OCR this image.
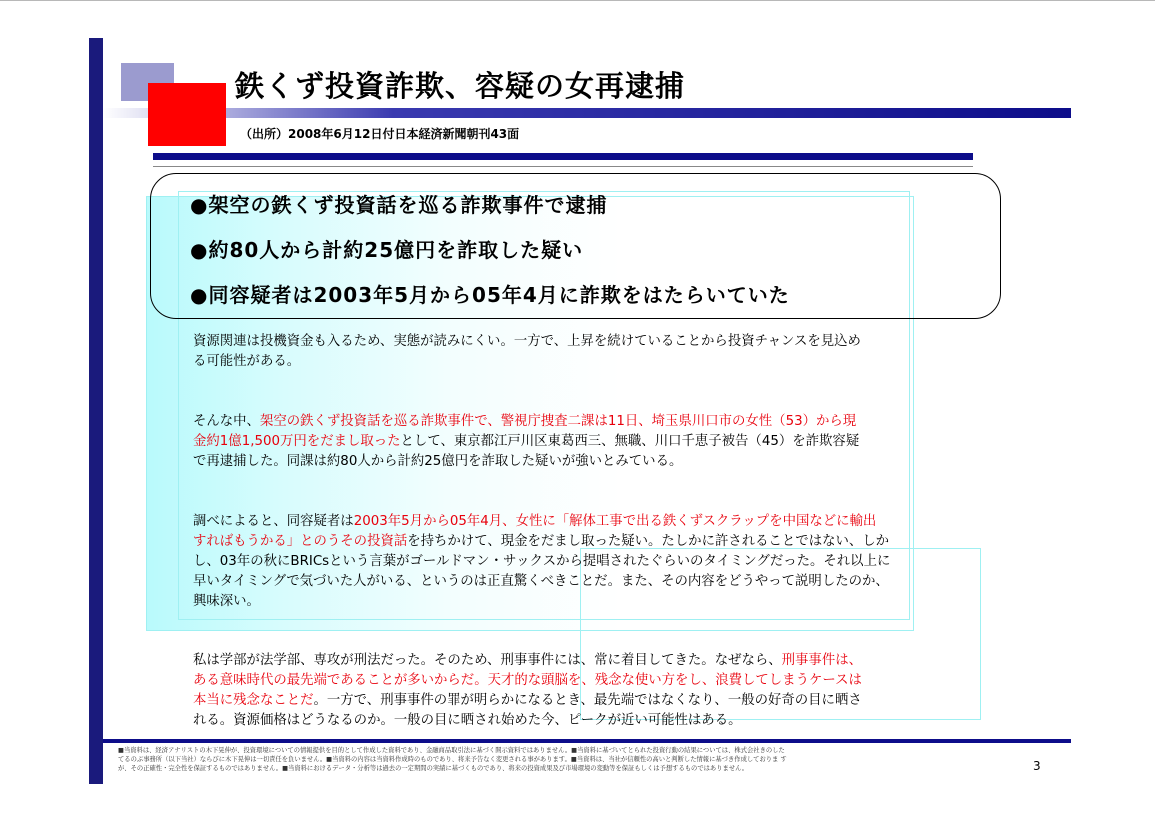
鉄くず投資詐欺、容疑の女再逮捕
（出所）2008年6月12日付日本経済新聞朝刊43面
●架空の鉄くず投資話を巡る詐欺事件で逮捕
●約80人から計約25億円を詐取した疑い
●同容疑者は2003年5月から05年4月に詐欺をはたらいていた
資源関連は投機資金も入るため、実態が読みにくい。一方で、上昇を続けていることから投資チャンスを見込め
る可能性がある。
そんな中、架空の鉄くず投資話を巡る詐欺事件で、警視庁捜査二課は11日、埼玉県川口市の女性（53）から現
金約1億1,500万円をだまし取ったとして、東京都江戸川区東葛西三、無職、川口千恵子被告（45）を詐欺容疑
で再逮捕した。同課は約80人から計約25億円を詐取した疑いが強いとみている。
調べによると、同容疑者は2003年5月から05年4月、女性に「解体工事で出る鉄くずスクラップを中国などに輸出
すればもうかる」とのうその投資話を持ちかけて、現金をだまし取った疑い。たしかに許されることではない、しか
し、03年の秋にBRICsという言葉がゴールドマン・サックスから提唱されたぐらいのタイミングだった。それ以上に
早いタイミングで気づいた人がいる、というのは正直驚くべきことだ。また、その内容をどうやって説明したのか、
興味深い。
私は学部が法学部、専攻が刑法だった。そのため、刑事事件には、常に着目してきた。なぜなら、刑事事件は、
ある意味時代の最先端であることが多いからだ。天才的な頭脳を、残念な使い方をし、浪費してしまうケースは
本当に残念なことだ。一方で、刑事事件の罪が明らかになるとき、最先端ではなくなり、一般の好奇の目に晒さ
れる。資源価格はどうなるのか。一般の目に晒され始めた今、ピークが近い可能性はある。
■当資料は、経済アナリストの木下晃伸が、投資環境についての情報提供を目的として作成した資料であり、金融商品取引法に基づく開示資料ではありません。■当資料に基づいてとられた投資行動の結果については、株式会社きのした
てるのぶ事務所（以下当社）ならびに木下晃伸は一切責任を負いません。■当資料の内容は当資料作成時のものであり、将来予告なく変更される事があります。■当資料は、当社が信頼性の高いと判断した情報に基づき作成しておりま す
が、その正確性・完全性を保証するものではありません。■当資料におけるデータ・分析等は過去の一定期間の実績に基づくものであり、将来の投資成果及び市場環境の変動等を保証もしくは予想するものではありません。	3
